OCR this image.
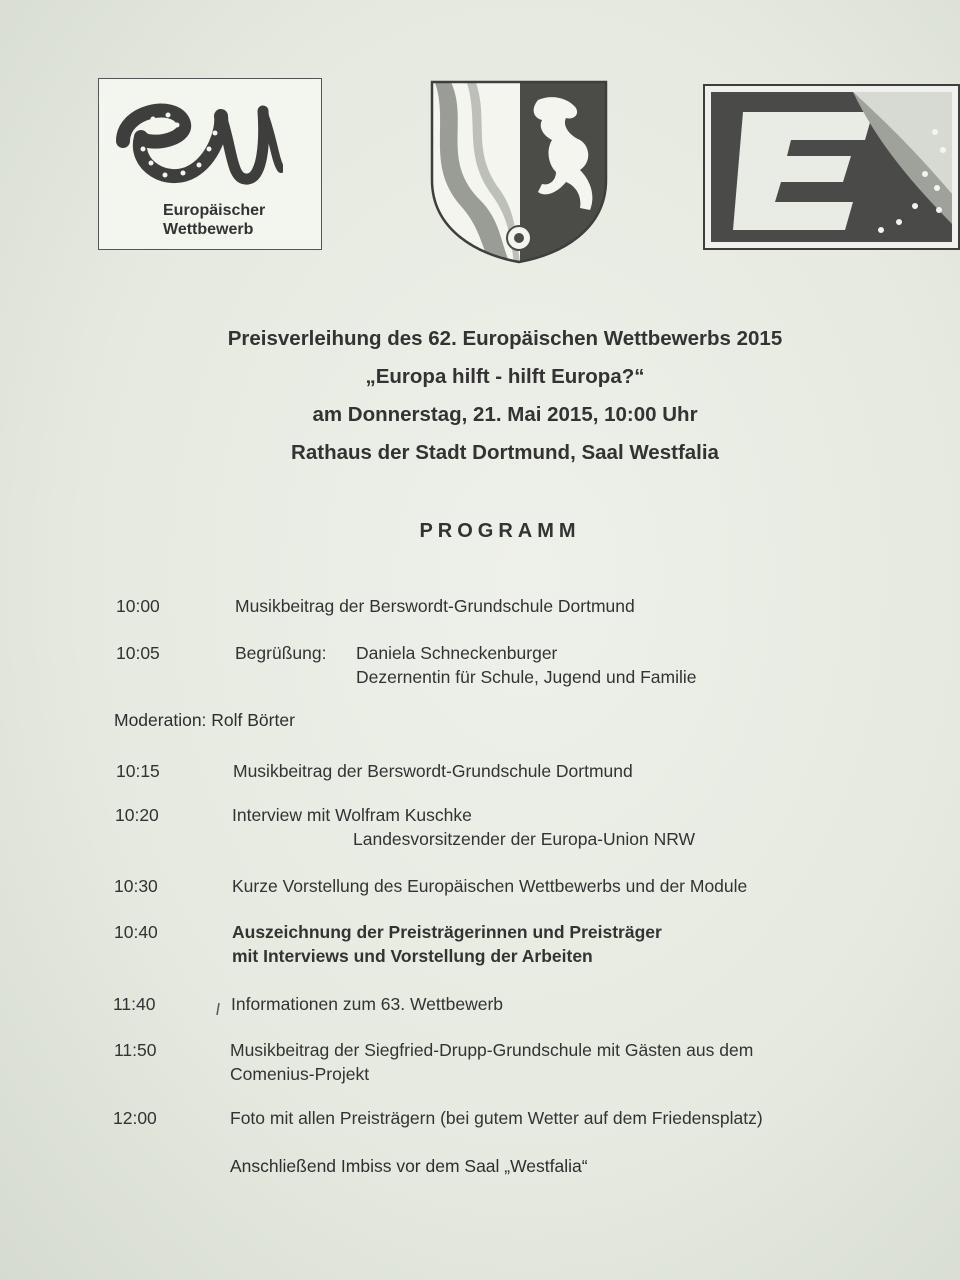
Europäischer
Wettbewerb
Preisverleihung des 62. Europäischen Wettbewerbs 2015
„Europa hilft - hilft Europa?“
am Donnerstag, 21. Mai 2015, 10:00 Uhr
Rathaus der Stadt Dortmund, Saal Westfalia
PROGRAMM
10:00	Musikbeitrag der Berswordt-Grundschule Dortmund
10:05	Begrüßung: Daniela Schneckenburger
Dezernentin für Schule, Jugend und Familie
Moderation: Rolf Börter
10:15	Musikbeitrag der Berswordt-Grundschule Dortmund
10:20	Interview mit Wolfram Kuschke
Landesvorsitzender der Europa-Union NRW
10:30	Kurze Vorstellung des Europäischen Wettbewerbs und der Module
10:40	Auszeichnung der Preisträgerinnen und Preisträger
mit Interviews und Vorstellung der Arbeiten
11:40	Informationen zum 63. Wettbewerb
11:50	Musikbeitrag der Siegfried-Drupp-Grundschule mit Gästen aus dem
Comenius-Projekt
12:00	Foto mit allen Preisträgern (bei gutem Wetter auf dem Friedensplatz)
Anschließend Imbiss vor dem Saal „Westfalia“
